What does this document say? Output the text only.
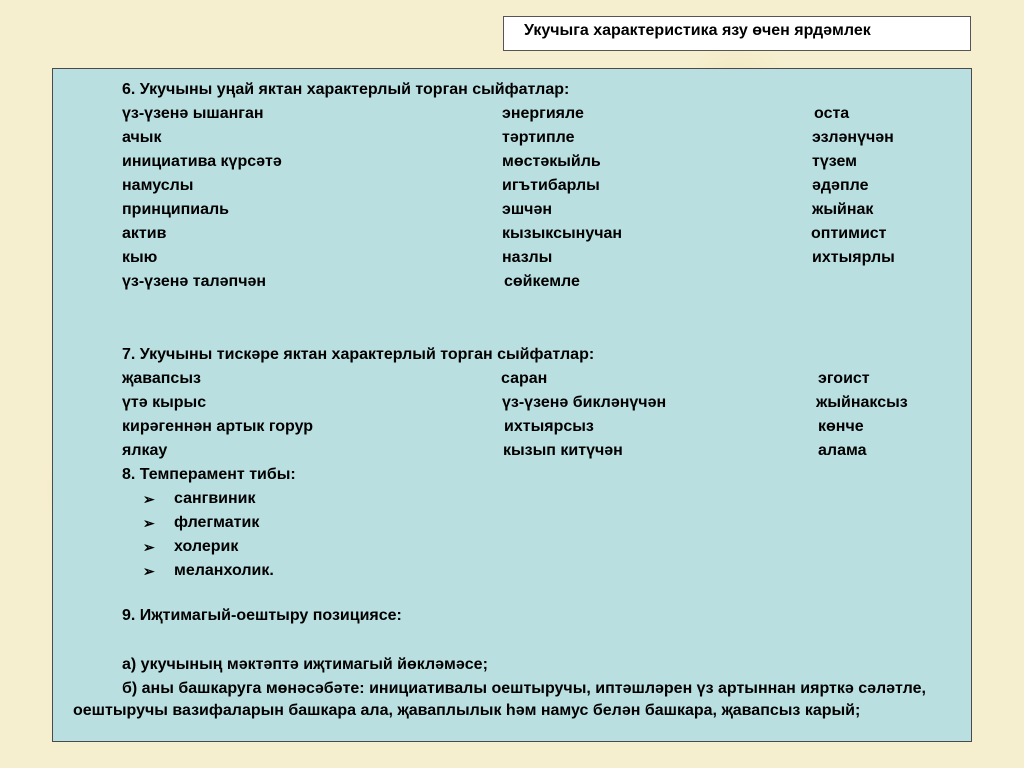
Укучыга характеристика язу өчен ярдәмлек
6. Укучыны уңай яктан характерлый торган сыйфатлар:
үз-үзенә ышанган	энергияле	оста
ачык	тәртипле	эзләнүчән
инициатива күрсәтә	мөстәкыйль	түзем
намуслы	игътибарлы	әдәпле
принципиаль	эшчән	жыйнак
актив	кызыксынучан	оптимист
кыю	назлы	ихтыярлы
үз-үзенә таләпчән	сөйкемле
7. Укучыны тискәре яктан характерлый торган сыйфатлар:
җавапсыз	саран	эгоист
үтә кырыс	үз-үзенә бикләнүчән	жыйнаксыз
кирәгеннән артык горур	ихтыярсыз	көнче
ялкау	кызып китүчән	алама
8. Темперамент тибы:
➢ сангвиник
➢ флегматик
➢ холерик
➢ меланхолик.
9. Иҗтимагый-оештыру позициясе:
а) укучының мәктәптә иҗтимагый йөкләмәсе;
б) аны башкаруга мөнәсәбәте: инициативалы оештыручы, иптәшләрен үз артыннан иярткә сәләтле, оештыручы вазифаларын башкара ала, җаваплылык һәм намус белән башкара, җавапсыз карый;
